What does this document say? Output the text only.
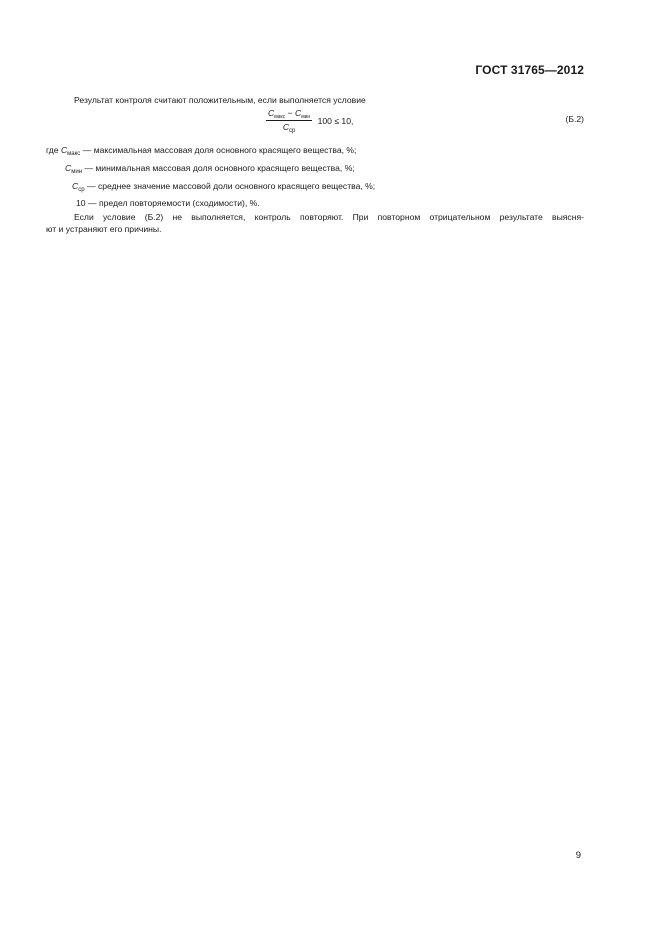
ГОСТ 31765—2012
Результат контроля считают положительным, если выполняется условие
$\frac{C_{макс} - C_{мин}}{C_{ср}} 100 \le 10$,	(Б.2)
где $C_{макс}$ — максимальная массовая доля основного красящего вещества, %;
$C_{мин}$ — минимальная массовая доля основного красящего вещества, %;
$C_{ср}$ — среднее значение массовой доли основного красящего вещества, %;
10 — предел повторяемости (сходимости), %.
Если условие (Б.2) не выполняется, контроль повторяют. При повторном отрицательном результате выясня-
ют и устраняют его причины.
9
